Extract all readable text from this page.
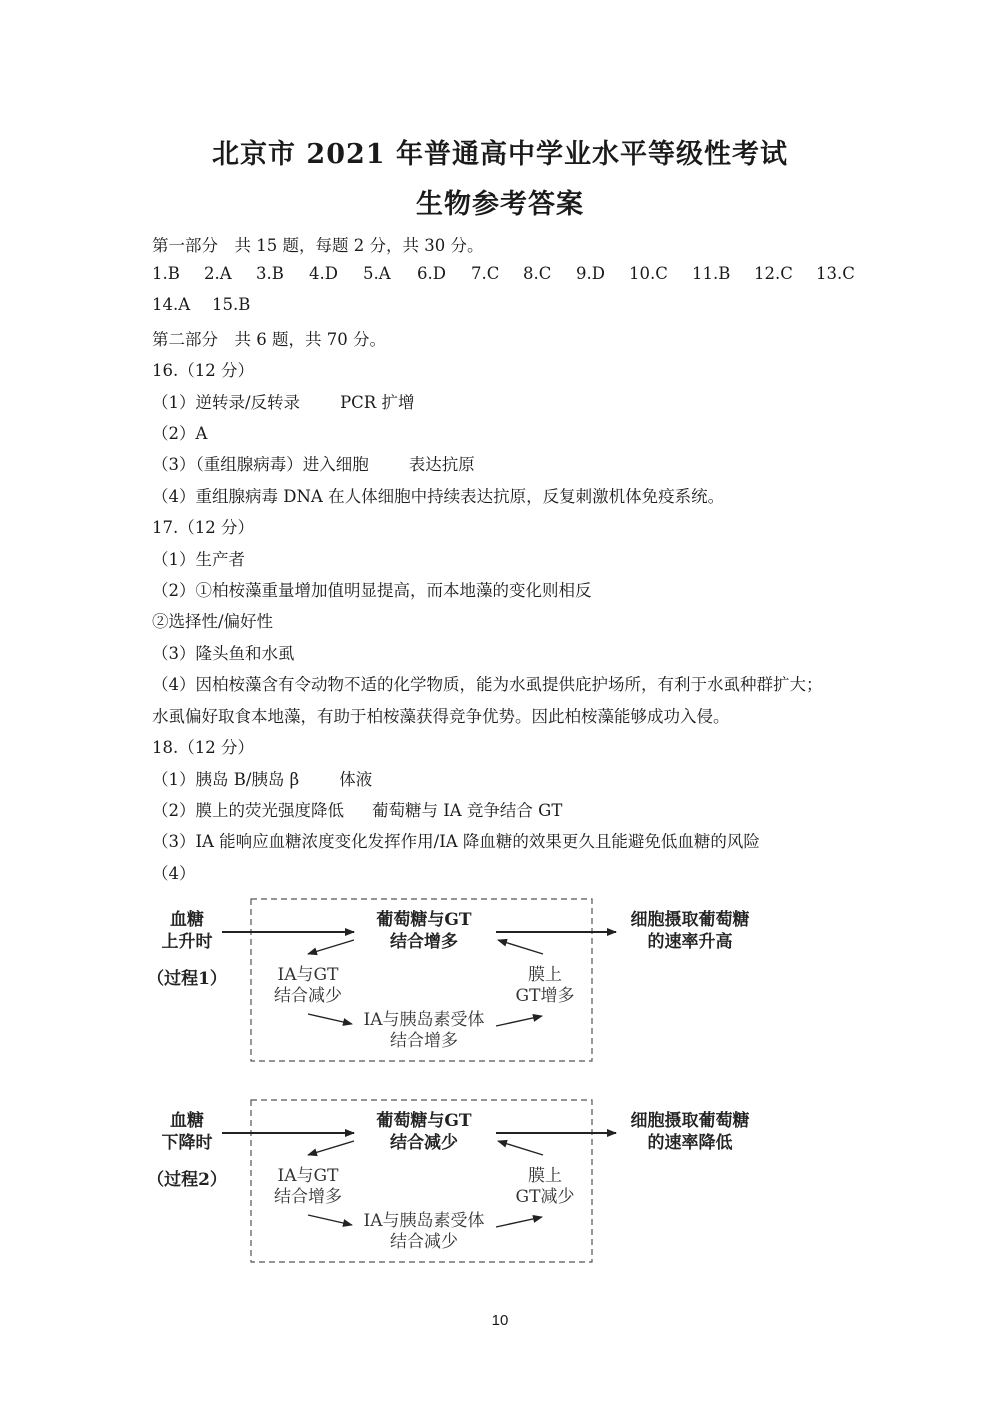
北京市 2021 年普通高中学业水平等级性考试
生物参考答案
第一部分　共 15 题，每题 2 分，共 30 分。
1.B 2.A 3.B 4.D 5.A 6.D 7.C 8.C 9.D 10.C 11.B 12.C 13.C
14.A 15.B
第二部分　共 6 题，共 70 分。
16.（12 分）
（1）逆转录/反转录 PCR 扩增
（2）A
（3）（重组腺病毒）进入细胞 表达抗原
（4）重组腺病毒 DNA 在人体细胞中持续表达抗原，反复刺激机体免疫系统。
17.（12 分）
（1）生产者
（2）①柏桉藻重量增加值明显提高，而本地藻的变化则相反
②选择性/偏好性
（3）隆头鱼和水虱
（4）因柏桉藻含有令动物不适的化学物质，能为水虱提供庇护场所，有利于水虱种群扩大；
水虱偏好取食本地藻，有助于柏桉藻获得竞争优势。因此柏桉藻能够成功入侵。
18.（12 分）
（1）胰岛 B/胰岛 β 体液
（2）膜上的荧光强度降低 葡萄糖与 IA 竞争结合 GT
（3）IA 能响应血糖浓度变化发挥作用/IA 降血糖的效果更久且能避免低血糖的风险
（4）
血糖
上升时
（过程1）
葡萄糖与GT
结合增多
IA与GT
结合减少
膜上
GT增多
IA与胰岛素受体
结合增多
细胞摄取葡萄糖
的速率升高
血糖
下降时
（过程2）
葡萄糖与GT
结合减少
IA与GT
结合增多
膜上
GT减少
IA与胰岛素受体
结合减少
细胞摄取葡萄糖
的速率降低
10
